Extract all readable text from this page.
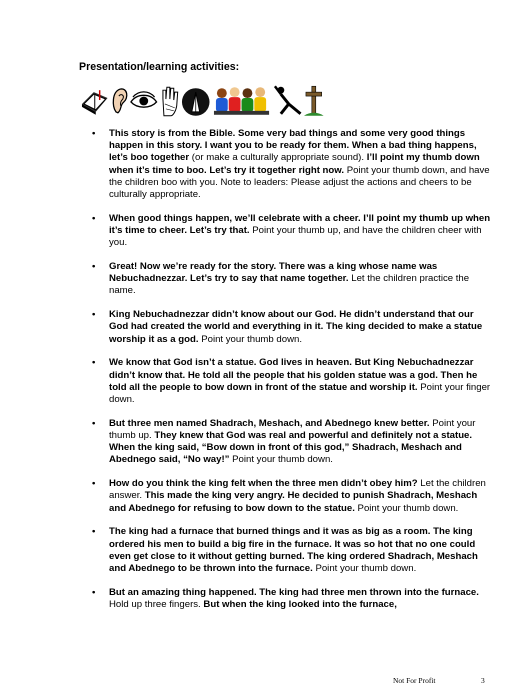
Presentation/learning activities:
• This story is from the Bible. Some very bad things and some very good things happen in this story. I want you to be ready for them. When a bad thing happens, let’s boo together (or make a culturally appropriate sound). I’ll point my thumb down when it’s time to boo. Let’s try it together right now. Point your thumb down, and have the children boo with you. Note to leaders: Please adjust the actions and cheers to be culturally appropriate.
• When good things happen, we’ll celebrate with a cheer. I’ll point my thumb up when it’s time to cheer. Let’s try that. Point your thumb up, and have the children cheer with you.
• Great! Now we’re ready for the story. There was a king whose name was Nebuchadnezzar. Let’s try to say that name together. Let the children practice the name.
• King Nebuchadnezzar didn’t know about our God. He didn’t understand that our God had created the world and everything in it. The king decided to make a statue worship it as a god. Point your thumb down.
• We know that God isn’t a statue. God lives in heaven. But King Nebuchadnezzar didn’t know that. He told all the people that his golden statue was a god. Then he told all the people to bow down in front of the statue and worship it. Point your finger down.
• But three men named Shadrach, Meshach, and Abednego knew better. Point your thumb up. They knew that God was real and powerful and definitely not a statue. When the king said, “Bow down in front of this god,” Shadrach, Meshach and Abednego said, “No way!” Point your thumb down.
• How do you think the king felt when the three men didn’t obey him? Let the children answer. This made the king very angry. He decided to punish Shadrach, Meshach and Abednego for refusing to bow down to the statue. Point your thumb down.
• The king had a furnace that burned things and it was as big as a room. The king ordered his men to build a big fire in the furnace. It was so hot that no one could even get close to it without getting burned. The king ordered Shadrach, Meshach and Abednego to be thrown into the furnace. Point your thumb down.
• But an amazing thing happened. The king had three men thrown into the furnace. Hold up three fingers. But when the king looked into the furnace,
Not For Profit	3
